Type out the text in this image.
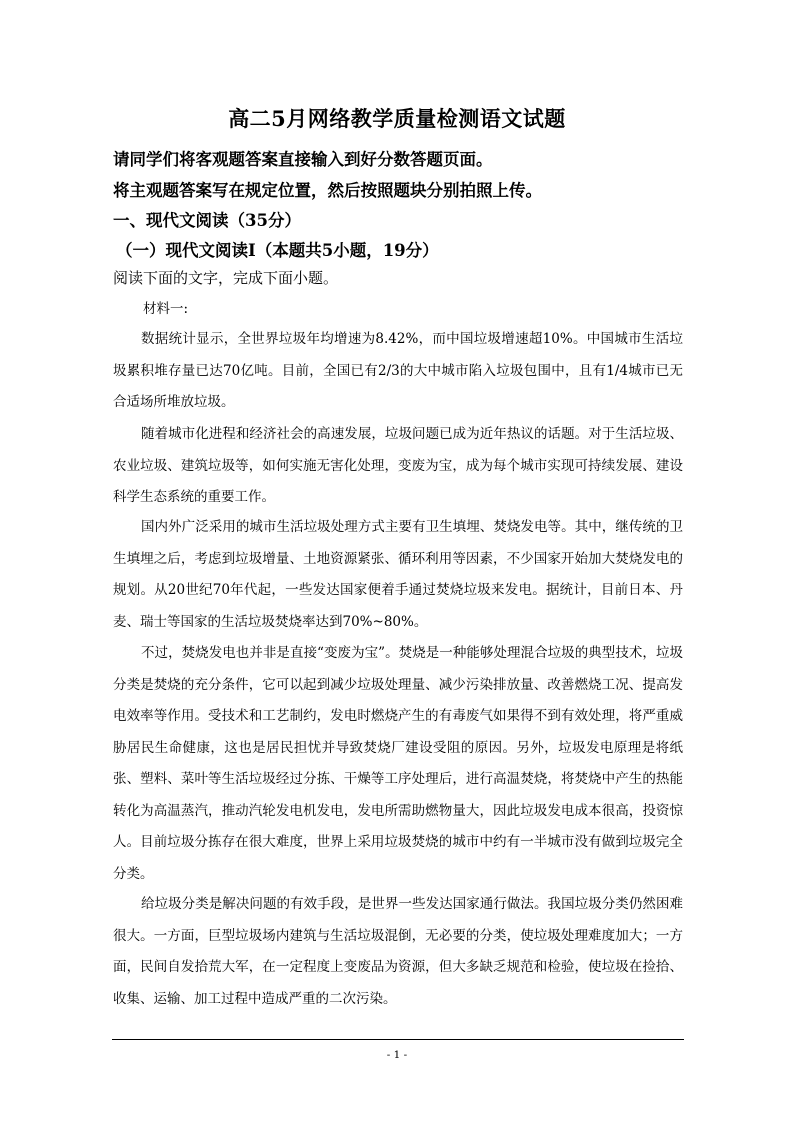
高二5月网络教学质量检测语文试题
请同学们将客观题答案直接输入到好分数答题页面。
将主观题答案写在规定位置，然后按照题块分别拍照上传。
一、现代文阅读（35分）
（一）现代文阅读Ⅰ（本题共5小题，19分）
阅读下面的文字，完成下面小题。
材料一:
数据统计显示，全世界垃圾年均增速为8.42%，而中国垃圾增速超10%。中国城市生活垃圾累积堆存量已达70亿吨。目前，全国已有2/3的大中城市陷入垃圾包围中，且有1/4城市已无合适场所堆放垃圾。
随着城市化进程和经济社会的高速发展，垃圾问题已成为近年热议的话题。对于生活垃圾、农业垃圾、建筑垃圾等，如何实施无害化处理，变废为宝，成为每个城市实现可持续发展、建设科学生态系统的重要工作。
国内外广泛采用的城市生活垃圾处理方式主要有卫生填埋、焚烧发电等。其中，继传统的卫生填埋之后，考虑到垃圾增量、土地资源紧张、循环利用等因素，不少国家开始加大焚烧发电的规划。从20世纪70年代起，一些发达国家便着手通过焚烧垃圾来发电。据统计，目前日本、丹麦、瑞士等国家的生活垃圾焚烧率达到70%~80%。
不过，焚烧发电也并非是直接“变废为宝”。焚烧是一种能够处理混合垃圾的典型技术，垃圾分类是焚烧的充分条件，它可以起到减少垃圾处理量、减少污染排放量、改善燃烧工况、提高发电效率等作用。受技术和工艺制约，发电时燃烧产生的有毒废气如果得不到有效处理，将严重威胁居民生命健康，这也是居民担忧并导致焚烧厂建设受阻的原因。另外，垃圾发电原理是将纸张、塑料、菜叶等生活垃圾经过分拣、干燥等工序处理后，进行高温焚烧，将焚烧中产生的热能转化为高温蒸汽，推动汽轮发电机发电，发电所需助燃物量大，因此垃圾发电成本很高，投资惊人。目前垃圾分拣存在很大难度，世界上采用垃圾焚烧的城市中约有一半城市没有做到垃圾完全分类。
给垃圾分类是解决问题的有效手段，是世界一些发达国家通行做法。我国垃圾分类仍然困难很大。一方面，巨型垃圾场内建筑与生活垃圾混倒，无必要的分类，使垃圾处理难度加大；一方面，民间自发拾荒大军，在一定程度上变废品为资源，但大多缺乏规范和检验，使垃圾在捡拾、收集、运输、加工过程中造成严重的二次污染。
- 1 -
